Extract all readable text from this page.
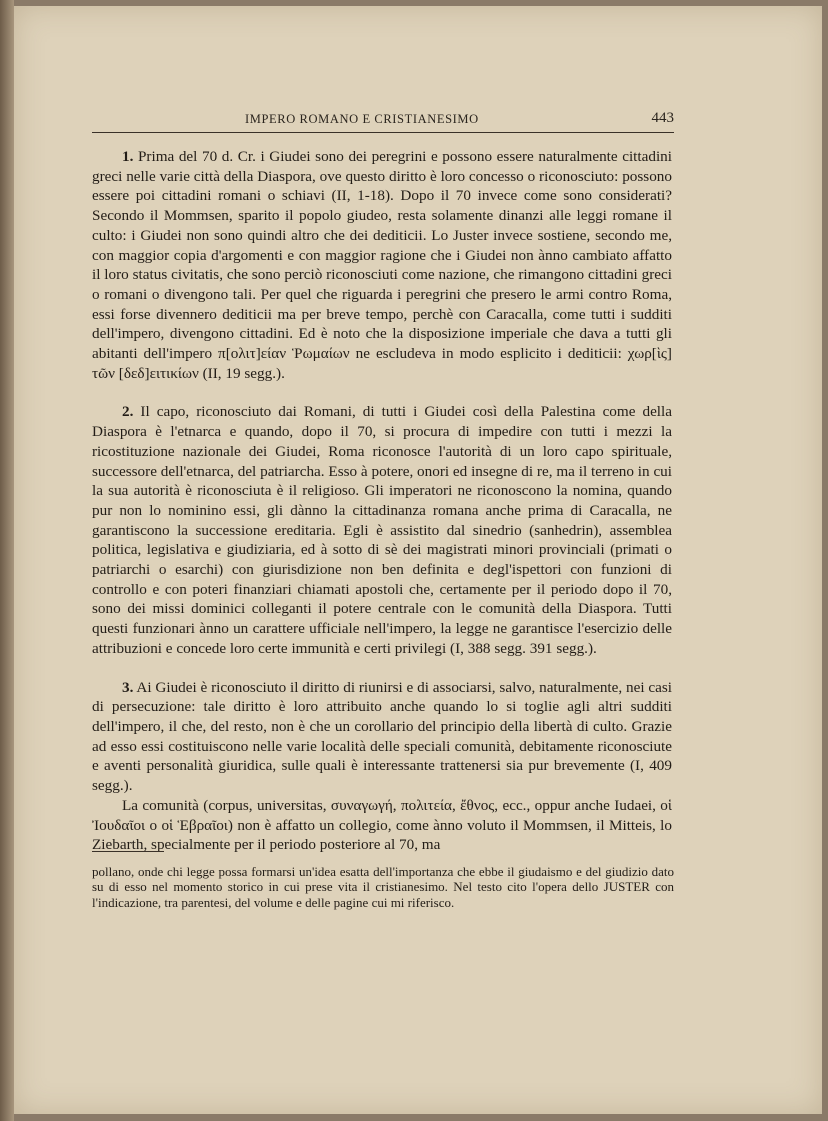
IMPERO ROMANO E CRISTIANESIMO	443

1. Prima del 70 d. Cr. i Giudei sono dei peregrini e possono essere naturalmente cittadini greci nelle varie città della Diaspora, ove questo diritto è loro concesso o riconosciuto: possono essere poi cittadini romani o schiavi (II, 1-18). Dopo il 70 invece come sono considerati? Secondo il Mommsen, sparito il popolo giudeo, resta solamente dinanzi alle leggi romane il culto: i Giudei non sono quindi altro che dei dediticii. Lo Juster invece sostiene, secondo me, con maggior copia d'argomenti e con maggior ragione che i Giudei non ànno cambiato affatto il loro status civitatis, che sono perciò riconosciuti come nazione, che rimangono cittadini greci o romani o divengono tali. Per quel che riguarda i peregrini che presero le armi contro Roma, essi forse divennero dediticii ma per breve tempo, perchè con Caracalla, come tutti i sudditi dell'impero, divengono cittadini. Ed è noto che la disposizione imperiale che dava a tutti gli abitanti dell'impero π[ολιτ]είαν Ῥωμαίων ne escludeva in modo esplicito i dediticii: χωρ[ὶς] τῶν [δεδ]ειτικίων (II, 19 segg.).

2. Il capo, riconosciuto dai Romani, di tutti i Giudei così della Palestina come della Diaspora è l'etnarca e quando, dopo il 70, si procura di impedire con tutti i mezzi la ricostituzione nazionale dei Giudei, Roma riconosce l'autorità di un loro capo spirituale, successore dell'etnarca, del patriarcha. Esso à potere, onori ed insegne di re, ma il terreno in cui la sua autorità è riconosciuta è il religioso. Gli imperatori ne riconoscono la nomina, quando pur non lo nominino essi, gli dànno la cittadinanza romana anche prima di Caracalla, ne garantiscono la successione ereditaria. Egli è assistito dal sinedrio (sanhedrin), assemblea politica, legislativa e giudiziaria, ed à sotto di sè dei magistrati minori provinciali (primati o patriarchi o esarchi) con giurisdizione non ben definita e degl'ispettori con funzioni di controllo e con poteri finanziari chiamati apostoli che, certamente per il periodo dopo il 70, sono dei missi dominici colleganti il potere centrale con le comunità della Diaspora. Tutti questi funzionari ànno un carattere ufficiale nell'impero, la legge ne garantisce l'esercizio delle attribuzioni e concede loro certe immunità e certi privilegi (I, 388 segg. 391 segg.).

3. Ai Giudei è riconosciuto il diritto di riunirsi e di associarsi, salvo, naturalmente, nei casi di persecuzione: tale diritto è loro attribuito anche quando lo si toglie agli altri sudditi dell'impero, il che, del resto, non è che un corollario del principio della libertà di culto. Grazie ad esso essi costituiscono nelle varie località delle speciali comunità, debitamente riconosciute e aventi personalità giuridica, sulle quali è interessante trattenersi sia pur brevemente (I, 409 segg.).

La comunità (corpus, universitas, συναγωγή, πολιτεία, ἔθνος, ecc., oppur anche Iudaei, οἱ Ἰουδαῖοι o οἱ Ἑβραῖοι) non è affatto un collegio, come ànno voluto il Mommsen, il Mitteis, lo Ziebarth, specialmente per il periodo posteriore al 70, ma

pollano, onde chi legge possa formarsi un'idea esatta dell'importanza che ebbe il giudaismo e del giudizio dato su di esso nel momento storico in cui prese vita il cristianesimo. Nel testo cito l'opera dello JUSTER con l'indicazione, tra parentesi, del volume e delle pagine cui mi riferisco.
